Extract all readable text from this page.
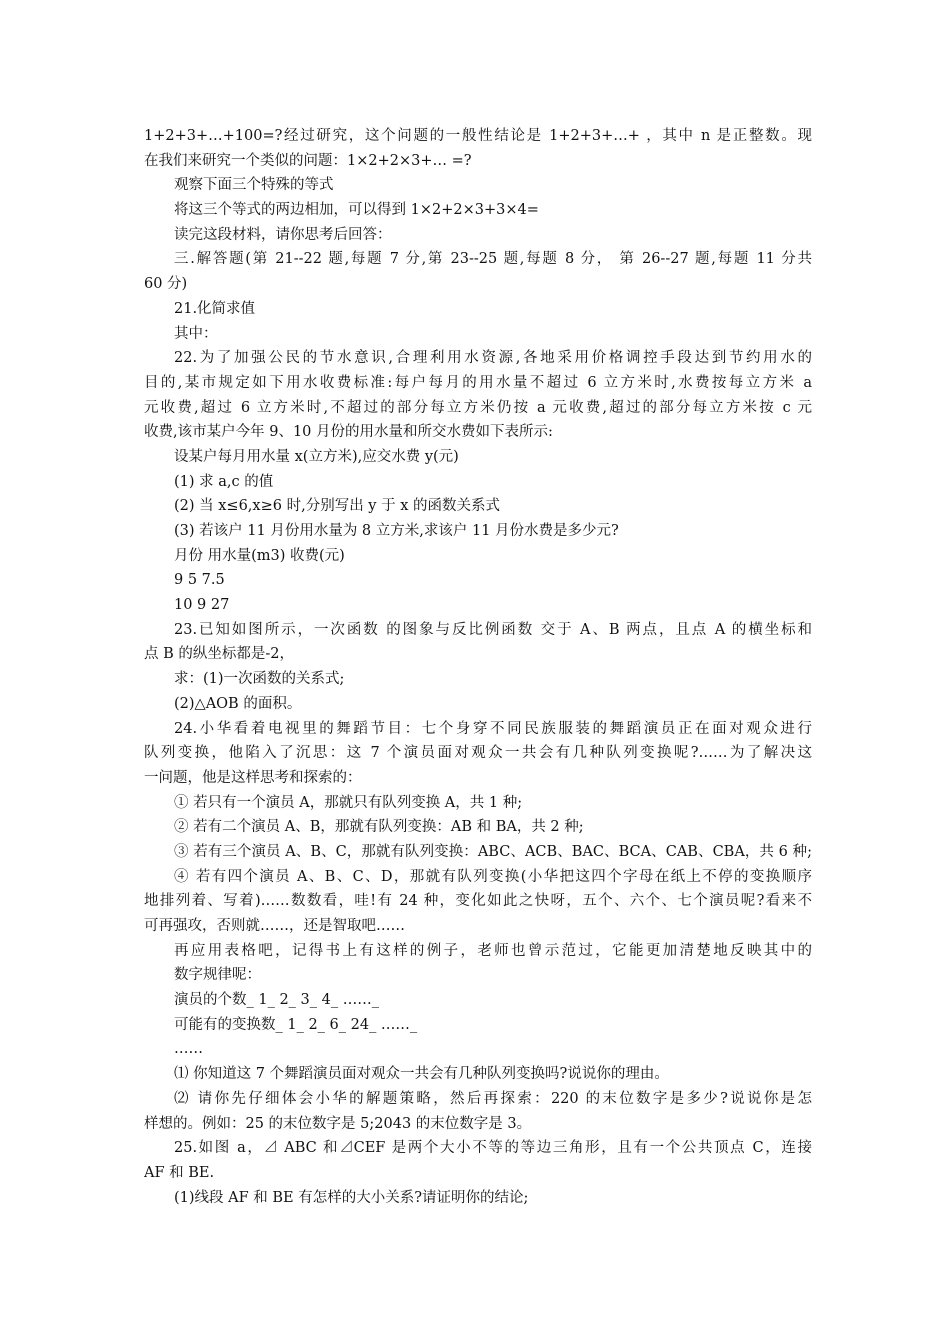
1+2+3+…+100=?经过研究，这个问题的一般性结论是 1+2+3+…+ ，其中 n 是正整数。现
在我们来研究一个类似的问题：1×2+2×3+… =?
观察下面三个特殊的等式
将这三个等式的两边相加，可以得到 1×2+2×3+3×4=
读完这段材料，请你思考后回答：
三.解答题(第 21--22 题,每题 7 分,第 23--25 题,每题 8 分， 第 26--27 题,每题 11 分共
60 分)
21.化简求值
其中：
22.为了加强公民的节水意识,合理利用水资源,各地采用价格调控手段达到节约用水的
目的,某市规定如下用水收费标准:每户每月的用水量不超过 6 立方米时,水费按每立方米 a
元收费,超过 6 立方米时,不超过的部分每立方米仍按 a 元收费,超过的部分每立方米按 c 元
收费,该市某户今年 9、10 月份的用水量和所交水费如下表所示:
设某户每月用水量 x(立方米),应交水费 y(元)
(1) 求 a,c 的值
(2) 当 x≤6,x≥6 时,分别写出 y 于 x 的函数关系式
(3) 若该户 11 月份用水量为 8 立方米,求该户 11 月份水费是多少元?
月份 用水量(m3) 收费(元)
9 5 7.5
10 9 27
23.已知如图所示，一次函数 的图象与反比例函数 交于 A、B 两点，且点 A 的横坐标和
点 B 的纵坐标都是-2，
求：(1)一次函数的关系式;
(2)△AOB 的面积。
24.小华看着电视里的舞蹈节目：七个身穿不同民族服装的舞蹈演员正在面对观众进行
队列变换，他陷入了沉思：这 7 个演员面对观众一共会有几种队列变换呢?……为了解决这
一问题，他是这样思考和探索的：
① 若只有一个演员 A，那就只有队列变换 A，共 1 种;
② 若有二个演员 A、B，那就有队列变换：AB 和 BA，共 2 种;
③ 若有三个演员 A、B、C，那就有队列变换：ABC、ACB、BAC、BCA、CAB、CBA，共 6 种;
④ 若有四个演员 A、B、C、D，那就有队列变换(小华把这四个字母在纸上不停的变换顺序
地排列着、写着)……数数看，哇!有 24 种，变化如此之快呀，五个、六个、七个演员呢?看来不
可再强攻，否则就……，还是智取吧……
再应用表格吧，记得书上有这样的例子，老师也曾示范过，它能更加清楚地反映其中的
数字规律呢：
演员的个数_ 1_ 2_ 3_ 4_ ……_
可能有的变换数_ 1_ 2_ 6_ 24_ ……_
……
⑴ 你知道这 7 个舞蹈演员面对观众一共会有几种队列变换吗?说说你的理由。
⑵ 请你先仔细体会小华的解题策略，然后再探索：220 的末位数字是多少?说说你是怎
样想的。例如：25 的末位数字是 5;2043 的末位数字是 3。
25.如图 a，⊿ ABC 和⊿CEF 是两个大小不等的等边三角形，且有一个公共顶点 C，连接
AF 和 BE.
(1)线段 AF 和 BE 有怎样的大小关系?请证明你的结论;
